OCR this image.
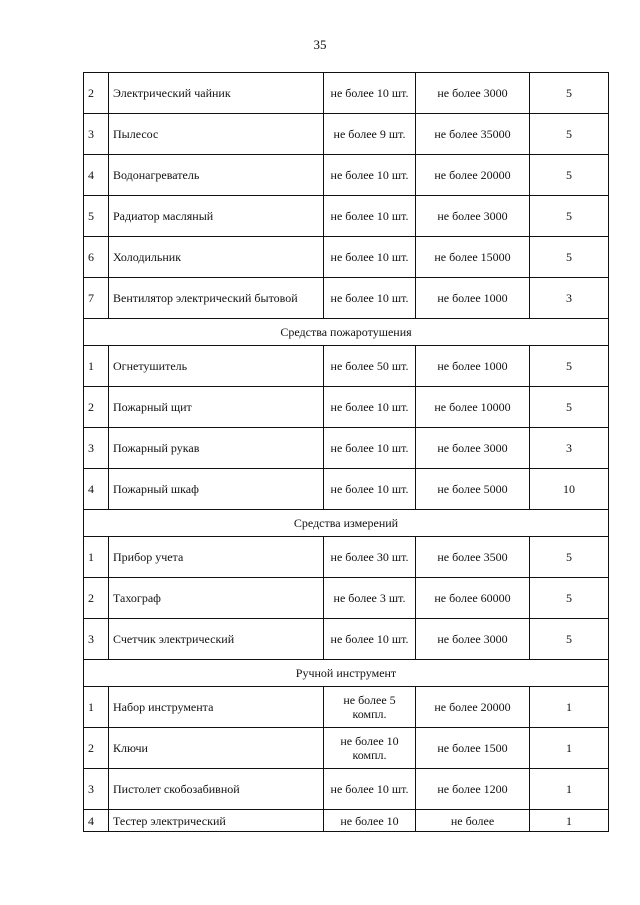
35
2	Электрический чайник	не более 10 шт.	не более 3000	5
3	Пылесос	не более 9 шт.	не более 35000	5
4	Водонагреватель	не более 10 шт.	не более 20000	5
5	Радиатор масляный	не более 10 шт.	не более 3000	5
6	Холодильник	не более 10 шт.	не более 15000	5
7	Вентилятор электрический бытовой	не более 10 шт.	не более 1000	3
Средства пожаротушения				
1	Огнетушитель	не более 50 шт.	не более 1000	5
2	Пожарный щит	не более 10 шт.	не более 10000	5
3	Пожарный рукав	не более 10 шт.	не более 3000	3
4	Пожарный шкаф	не более 10 шт.	не более 5000	10
Средства измерений				
1	Прибор учета	не более 30 шт.	не более 3500	5
2	Тахограф	не более 3 шт.	не более 60000	5
3	Счетчик электрический	не более 10 шт.	не более 3000	5
Ручной инструмент				
1	Набор инструмента	не более 5 компл.	не более 20000	1
2	Ключи	не более 10 компл.	не более 1500	1
3	Пистолет скобозабивной	не более 10 шт.	не более 1200	1
4	Тестер электрический	не более 10	не более	1
